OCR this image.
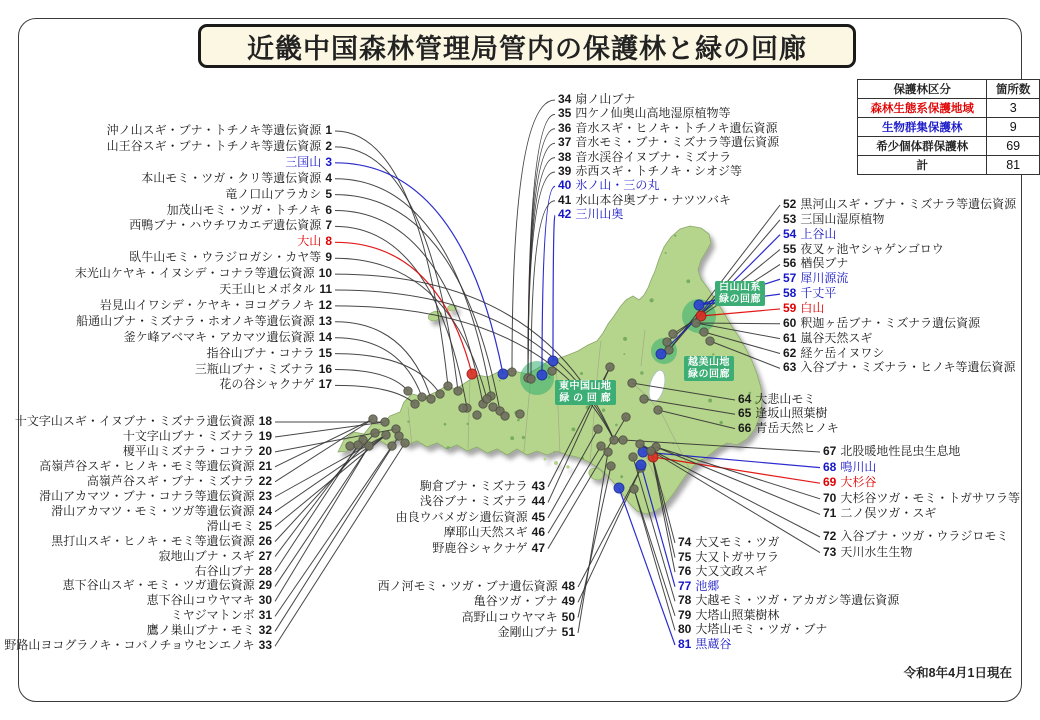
近畿中国森林管理局管内の保護林と緑の回廊
保護林区分	箇所数
森林生態系保護地域	3
生物群集保護林	9
希少個体群保護林	69
計	81
東中国山地
緑 の 回 廊
越美山地
緑の回廊
白山山系
緑の回廊
令和8年4月1日現在
沖ノ山スギ・ブナ・トチノキ等遺伝資源 1
山王谷スギ・ブナ・トチノキ等遺伝資源 2
三国山 3
本山モミ・ツガ・クリ等遺伝資源 4
竜ノ口山アラカシ 5
加茂山モミ・ツガ・トチノキ 6
西鴨ブナ・ハウチワカエデ遺伝資源 7
大山 8
臥牛山モミ・ウラジロガシ・カヤ等 9
末光山ケヤキ・イヌシデ・コナラ等遺伝資源 10
天王山ヒメボタル 11
岩見山イワシデ・ケヤキ・ヨコグラノキ 12
船通山ブナ・ミズナラ・ホオノキ等遺伝資源 13
釜ケ峰アベマキ・アカマツ遺伝資源 14
指谷山ブナ・コナラ 15
三瓶山ブナ・ミズナラ 16
花の谷シャクナゲ 17
十文字山スギ・イヌブナ・ミズナラ遺伝資源 18
十文字山ブナ・ミズナラ 19
榎平山ミズナラ・コナラ 20
高嶺芦谷スギ・ヒノキ・モミ等遺伝資源 21
高嶺芦谷スギ・ブナ・ミズナラ 22
滑山アカマツ・ブナ・コナラ等遺伝資源 23
滑山アカマツ・モミ・ツガ等遺伝資源 24
滑山モミ 25
黒打山スギ・ヒノキ・モミ等遺伝資源 26
寂地山ブナ・スギ 27
右谷山ブナ 28
恵下谷山スギ・モミ・ツガ遺伝資源 29
恵下谷山コウヤマキ 30
ミヤジマトンボ 31
鷹ノ巣山ブナ・モミ 32
野路山ヨコグラノキ・コバノチョウセンエノキ 33
34 扇ノ山ブナ
35 四ケノ仙奥山高地湿原植物等
36 音水スギ・ヒノキ・トチノキ遺伝資源
37 音水モミ・ブナ・ミズナラ等遺伝資源
38 音水渓谷イヌブナ・ミズナラ
39 赤西スギ・トチノキ・シオジ等
40 氷ノ山・三の丸
41 水山本谷奥ブナ・ナツツバキ
42 三川山奥
駒倉ブナ・ミズナラ 43
浅谷ブナ・ミズナラ 44
由良ウバメガシ遺伝資源 45
摩耶山天然スギ 46
野鹿谷シャクナゲ 47
西ノ河モミ・ツガ・ブナ遺伝資源 48
亀谷ツガ・ブナ 49
高野山コウヤマキ 50
金剛山ブナ 51
52 黒河山スギ・ブナ・ミズナラ等遺伝資源
53 三国山湿原植物
54 上谷山
55 夜叉ヶ池ヤシャゲンゴロウ
56 楢俣ブナ
57 犀川源流
58 千丈平
59 白山
60 釈迦ヶ岳ブナ・ミズナラ遺伝資源
61 嵐谷天然スギ
62 経ケ岳イヌワシ
63 入谷ブナ・ミズナラ・ヒノキ等遺伝資源
64 大悲山モミ
65 逢坂山照葉樹
66 青岳天然ヒノキ
67 北股暖地性昆虫生息地
68 鳴川山
69 大杉谷
70 大杉谷ツガ・モミ・トガサワラ等
71 二ノ俣ツガ・スギ
72 入谷ブナ・ツガ・ウラジロモミ
73 天川水生生物
74 大又モミ・ツガ
75 大又トガサワラ
76 大又文政スギ
77 池郷
78 大越モミ・ツガ・アカガシ等遺伝資源
79 大塔山照葉樹林
80 大塔山モミ・ツガ・ブナ
81 黒蔵谷
